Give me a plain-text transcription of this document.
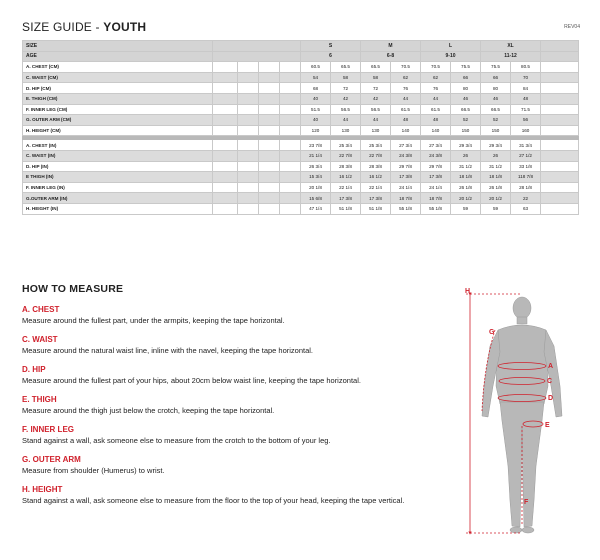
SIZE GUIDE - YOUTH	REV04
SIZE					S		M		L		XL		
AGE					6		6-8		9-10		11-12		
A. CHEST (CM)					60.5	65.5	65.5	70.5	70.5	75.5	75.5	80.5	
C. WAIST (CM)					54	58	58	62	62	66	66	70	
D. HIP (CM)					68	72	72	76	76	80	80	84	
E. THIGH (CM)					40	42	42	44	44	46	46	48	
F. INNER LEG (CM)					51.5	56.5	56.5	61.5	61.5	66.5	66.5	71.5	
G. OUTER ARM (CM)					40	44	44	48	48	52	52	56	
H. HEIGHT (CM)					120	130	130	140	140	150	150	160	

A. CHEST (IN)					23 7/8	25 3/4	25 3/4	27 3/4	27 3/4	29 3/4	29 3/4	31 3/4	
C. WAIST (IN)					21 1/4	22 7/8	22 7/8	24 3/8	24 3/8	26	26	27 1/2	
D. HIP (IN)					26 3/4	28 3/8	28 3/8	29 7/8	29 7/8	31 1/2	31 1/2	33 1/8	
E THIGH (IN)					15 3/4	16 1/2	16 1/2	17 3/8	17 3/8	18 1/8	18 1/8	118 7/8	
F. INNER LEG (IN)					20 1/8	22 1/4	22 1/4	24 1/4	24 1/4	26 1/8	26 1/8	28 1/8	
G.OUTER ARM (IN)					15 6/8	17 3/8	17 3/8	18 7/8	18 7/8	20 1/2	20 1/2	22	
H. HEIGHT (IN)					47 1/4	51 1/8	51 1/8	55 1/8	55 1/8	59	59	63	
HOW TO MEASURE
A. CHEST
Measure around the fullest part, under the armpits, keeping the tape horizontal.
C. WAIST
Measure around the natural waist line, inline with the navel, keeping the tape horizontal.
D. HIP
Measure around the fullest part of your hips, about 20cm below waist line, keeping the tape horizontal.
E. THIGH
Measure around the thigh just below the crotch, keeping the tape horizontal.
F. INNER LEG
Stand against a wall, ask someone else to measure from the crotch to the bottom of your leg.
G. OUTER ARM
Measure from shoulder (Humerus) to wrist.
H. HEIGHT
Stand against a wall, ask someone else to measure from the floor to the top of your head, keeping the tape vertical.
H
G
A
C
D
E
F
